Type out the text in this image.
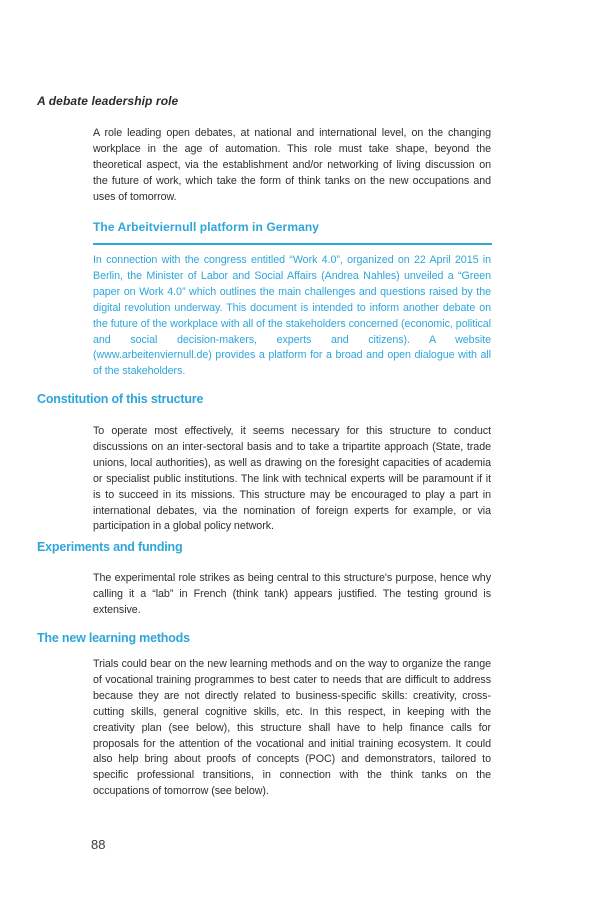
A debate leadership role
A role leading open debates, at national and international level, on the changing workplace in the age of automation. This role must take shape, beyond the theoretical aspect, via the establishment and/or networking of living discussion on the future of work, which take the form of think tanks on the new occupations and uses of tomorrow.
The Arbeitviernull platform in Germany
In connection with the congress entitled “Work 4.0”, organized on 22 April 2015 in Berlin, the Minister of Labor and Social Affairs (Andrea Nahles) unveiled a “Green paper on Work 4.0” which outlines the main challenges and questions raised by the digital revolution underway. This document is intended to inform another debate on the future of the workplace with all of the stakeholders concerned (economic, political and social decision-makers, experts and citizens). A website (www.arbeitenviernull.de) provides a platform for a broad and open dialogue with all of the stakeholders.
Constitution of this structure
To operate most effectively, it seems necessary for this structure to conduct discussions on an inter-sectoral basis and to take a tripartite approach (State, trade unions, local authorities), as well as drawing on the foresight capacities of academia or specialist public institutions. The link with technical experts will be paramount if it is to succeed in its missions. This structure may be encouraged to play a part in international debates, via the nomination of foreign experts for example, or via participation in a global policy network.
Experiments and funding
The experimental role strikes as being central to this structure's purpose, hence why calling it a “lab” in French (think tank) appears justified. The testing ground is extensive.
The new learning methods
Trials could bear on the new learning methods and on the way to organize the range of vocational training programmes to best cater to needs that are difficult to address because they are not directly related to business-specific skills: creativity, cross-cutting skills, general cognitive skills, etc. In this respect, in keeping with the creativity plan (see below), this structure shall have to help finance calls for proposals for the attention of the vocational and initial training ecosystem. It could also help bring about proofs of concepts (POC) and demonstrators, tailored to specific professional transitions, in connection with the think tanks on the occupations of tomorrow (see below).
88
